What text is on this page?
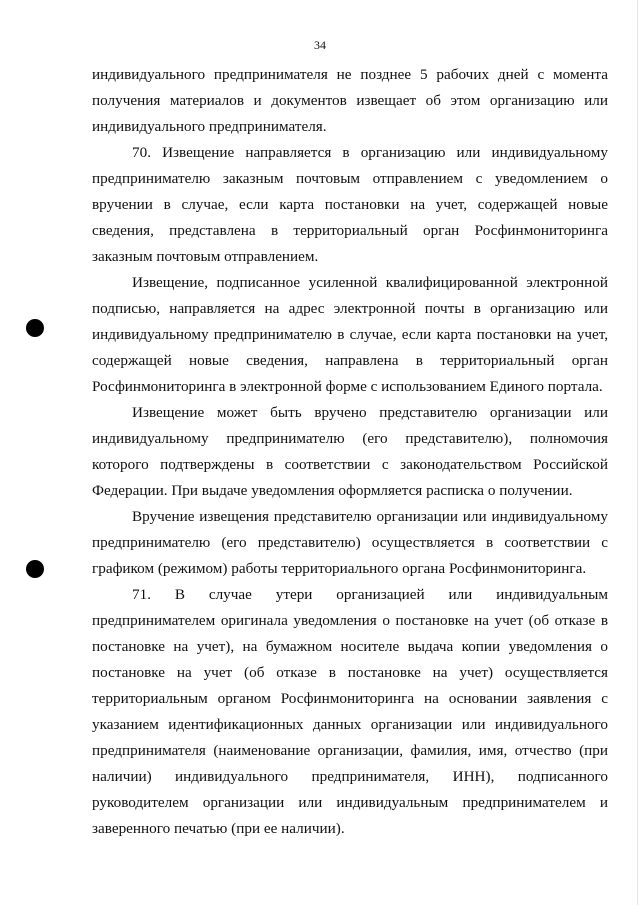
34

индивидуального предпринимателя не позднее 5 рабочих дней с момента получения материалов и документов извещает об этом организацию или индивидуального предпринимателя.

70. Извещение направляется в организацию или индивидуальному предпринимателю заказным почтовым отправлением с уведомлением о вручении в случае, если карта постановки на учет, содержащей новые сведения, представлена в территориальный орган Росфинмониторинга заказным почтовым отправлением.

Извещение, подписанное усиленной квалифицированной электронной подписью, направляется на адрес электронной почты в организацию или индивидуальному предпринимателю в случае, если карта постановки на учет, содержащей новые сведения, направлена в территориальный орган Росфинмониторинга в электронной форме с использованием Единого портала.

Извещение может быть вручено представителю организации или индивидуальному предпринимателю (его представителю), полномочия которого подтверждены в соответствии с законодательством Российской Федерации. При выдаче уведомления оформляется расписка о получении.

Вручение извещения представителю организации или индивидуальному предпринимателю (его представителю) осуществляется в соответствии с графиком (режимом) работы территориального органа Росфинмониторинга.

71. В случае утери организацией или индивидуальным предпринимателем оригинала уведомления о постановке на учет (об отказе в постановке на учет), на бумажном носителе выдача копии уведомления о постановке на учет (об отказе в постановке на учет) осуществляется территориальным органом Росфинмониторинга на основании заявления с указанием идентификационных данных организации или индивидуального предпринимателя (наименование организации, фамилия, имя, отчество (при наличии) индивидуального предпринимателя, ИНН), подписанного руководителем организации или индивидуальным предпринимателем и заверенного печатью (при ее наличии).
